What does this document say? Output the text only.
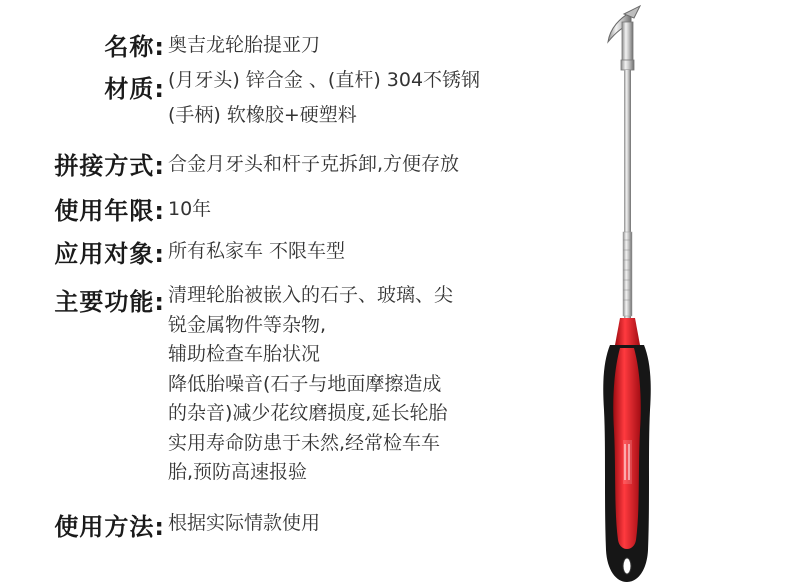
名称: 奥吉龙轮胎提亚刀
材质: (月牙头) 锌合金 、(直杆) 304不锈钢
(手柄) 软橡胶+硬塑料
拼接方式: 合金月牙头和杆子克拆卸,方便存放
使用年限: 10年
应用对象: 所有私家车 不限车型
主要功能: 清理轮胎被嵌入的石子、玻璃、尖
锐金属物件等杂物,
辅助检查车胎状况
降低胎噪音(石子与地面摩擦造成
的杂音)减少花纹磨损度,延长轮胎
实用寿命防患于未然,经常检车车
胎,预防高速报验
使用方法: 根据实际情款使用
